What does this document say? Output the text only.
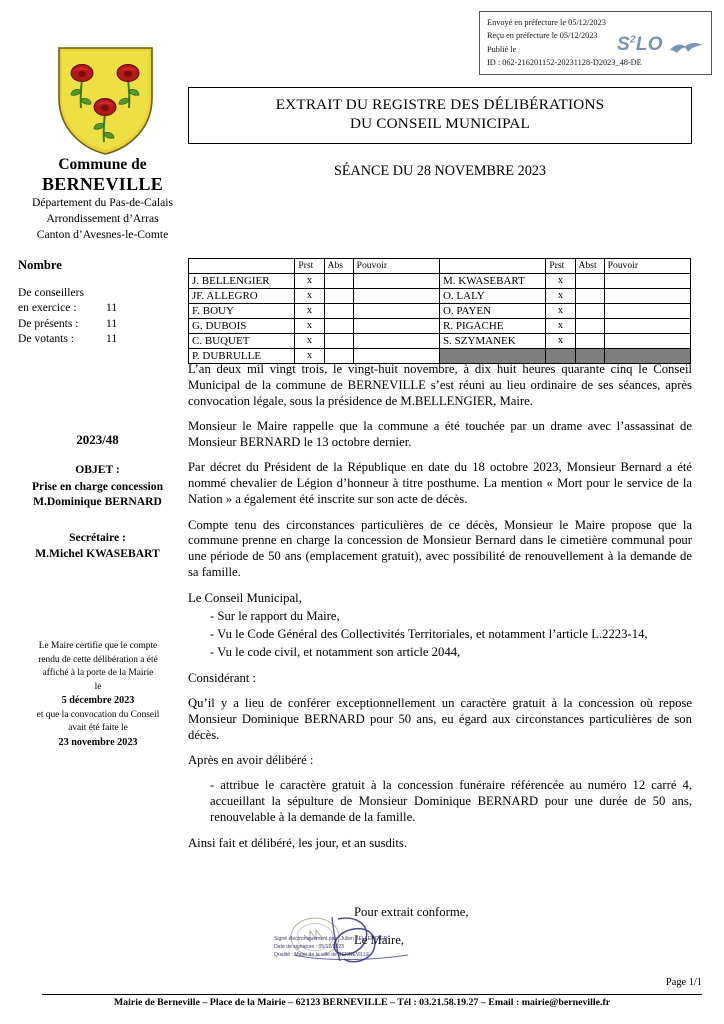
Envoyé en préfecture le 05/12/2023
Reçu en préfecture le 05/12/2023
Publié le
ID : 062-216201152-20231128-D2023_48-DE
$S^2LO$
Commune de
BERNEVILLE
Département du Pas-de-Calais
Arrondissement d’Arras
Canton d’Avesnes-le-Comte
Nombre
De conseillers
en exercice :	11
De présents :	11
De votants :	11
2023/48
OBJET :
Prise en charge concession
M.Dominique BERNARD
Secrétaire :
M.Michel KWASEBART
Le Maire certifie que le compte
rendu de cette délibération a été
affiché à la porte de la Mairie
le
5 décembre 2023
et que la convocation du Conseil
avait été faite le
23 novembre 2023
EXTRAIT DU REGISTRE DES DÉLIBÉRATIONS
DU CONSEIL MUNICIPAL
SÉANCE DU 28 NOVEMBRE 2023
	Prst	Abs	Pouvoir		Prst	Abst	Pouvoir
J. BELLENGIER	x			M. KWASEBART	x		
JF. ALLEGRO	x			O. LALY	x		
F. BOUY	x			O. PAYEN	x		
G. DUBOIS	x			R. PIGACHE	x		
C. BUQUET	x			S. SZYMANEK	x		
P. DUBRULLE	x						

L’an deux mil vingt trois, le vingt-huit novembre, à dix huit heures quarante cinq le Conseil Municipal de la commune de BERNEVILLE s’est réuni au lieu ordinaire de ses séances, après convocation légale, sous la présidence de M.BELLENGIER, Maire.

Monsieur le Maire rappelle que la commune a été touchée par un drame avec l’assassinat de Monsieur BERNARD le 13 octobre dernier.

Par décret du Président de la République en date du 18 octobre 2023, Monsieur Bernard a été nommé chevalier de Légion d’honneur à titre posthume. La mention « Mort pour le service de la Nation » a également été inscrite sur son acte de décès.

Compte tenu des circonstances particulières de ce décès, Monsieur le Maire propose que la commune prenne en charge la concession de Monsieur Bernard dans le cimetière communal pour une période de 50 ans (emplacement gratuit), avec possibilité de renouvellement à la demande de sa famille.

Le Conseil Municipal,

- Sur le rapport du Maire,

- Vu le Code Général des Collectivités Territoriales, et notamment l’article L.2223-14,

- Vu le code civil, et notamment son article 2044,

Considérant :

Qu’il y a lieu de conférer exceptionnellement un caractère gratuit à la concession où repose Monsieur Dominique BERNARD pour 50 ans, eu égard aux circonstances particulières de son décès.

Après en avoir délibéré :

- attribue le caractère gratuit à la concession funéraire référencée au numéro 12 carré 4, accueillant la sépulture de Monsieur Dominique BERNARD pour une durée de 50 ans, renouvelable à la demande de la famille.

Ainsi fait et délibéré, les jour, et an susdits.

Pour extrait conforme,
Le Maire,
Signé électroniquement par : Julien BELLENGIER
Date de signature : 05/12/2023
Qualité : Maire de la ville de BERNEVILLE
Page 1/1
Mairie de Berneville – Place de la Mairie – 62123 BERNEVILLE – Tél : 03.21.58.19.27 – Email : mairie@berneville.fr
